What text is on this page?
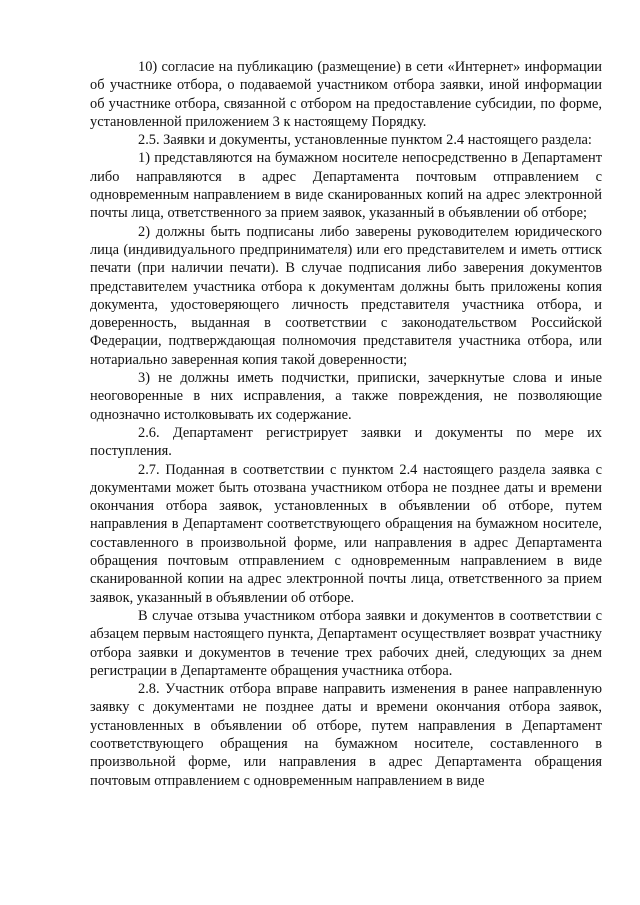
10) согласие на публикацию (размещение) в сети «Интернет» информации об участнике отбора, о подаваемой участником отбора заявки, иной информации об участнике отбора, связанной с отбором на предоставление субсидии, по форме, установленной приложением 3 к настоящему Порядку.

2.5. Заявки и документы, установленные пунктом 2.4 настоящего раздела:

1) представляются на бумажном носителе непосредственно в Департамент либо направляются в адрес Департамента почтовым отправлением с одновременным направлением в виде сканированных копий на адрес электронной почты лица, ответственного за прием заявок, указанный в объявлении об отборе;

2) должны быть подписаны либо заверены руководителем юридического лица (индивидуального предпринимателя) или его представителем и иметь оттиск печати (при наличии печати). В случае подписания либо заверения документов представителем участника отбора к документам должны быть приложены копия документа, удостоверяющего личность представителя участника отбора, и доверенность, выданная в соответствии с законодательством Российской Федерации, подтверждающая полномочия представителя участника отбора, или нотариально заверенная копия такой доверенности;

3) не должны иметь подчистки, приписки, зачеркнутые слова и иные неоговоренные в них исправления, а также повреждения, не позволяющие однозначно истолковывать их содержание.

2.6. Департамент регистрирует заявки и документы по мере их поступления.

2.7. Поданная в соответствии с пунктом 2.4 настоящего раздела заявка с документами может быть отозвана участником отбора не позднее даты и времени окончания отбора заявок, установленных в объявлении об отборе, путем направления в Департамент соответствующего обращения на бумажном носителе, составленного в произвольной форме, или направления в адрес Департамента обращения почтовым отправлением с одновременным направлением в виде сканированной копии на адрес электронной почты лица, ответственного за прием заявок, указанный в объявлении об отборе.

В случае отзыва участником отбора заявки и документов в соответствии с абзацем первым настоящего пункта, Департамент осуществляет возврат участнику отбора заявки и документов в течение трех рабочих дней, следующих за днем регистрации в Департаменте обращения участника отбора.

2.8. Участник отбора вправе направить изменения в ранее направленную заявку с документами не позднее даты и времени окончания отбора заявок, установленных в объявлении об отборе, путем направления в Департамент соответствующего обращения на бумажном носителе, составленного в произвольной форме, или направления в адрес Департамента обращения почтовым отправлением с одновременным направлением в виде
